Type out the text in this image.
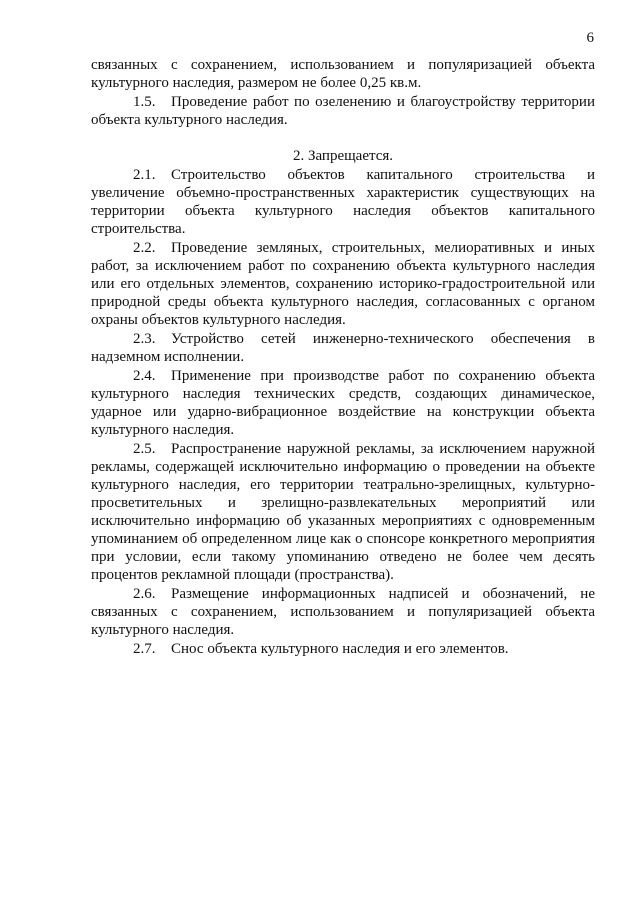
6

связанных с сохранением, использованием и популяризацией объекта культурного наследия, размером не более 0,25 кв.м.

1.5. Проведение работ по озеленению и благоустройству территории объекта культурного наследия.

2. Запрещается.

2.1. Строительство объектов капитального строительства и увеличение объемно-пространственных характеристик существующих на территории объекта культурного наследия объектов капитального строительства.

2.2. Проведение земляных, строительных, мелиоративных и иных работ, за исключением работ по сохранению объекта культурного наследия или его отдельных элементов, сохранению историко-градостроительной или природной среды объекта культурного наследия, согласованных с органом охраны объектов культурного наследия.

2.3. Устройство сетей инженерно-технического обеспечения в надземном исполнении.

2.4. Применение при производстве работ по сохранению объекта культурного наследия технических средств, создающих динамическое, ударное или ударно-вибрационное воздействие на конструкции объекта культурного наследия.

2.5. Распространение наружной рекламы, за исключением наружной рекламы, содержащей исключительно информацию о проведении на объекте культурного наследия, его территории театрально-зрелищных, культурно-просветительных и зрелищно-развлекательных мероприятий или исключительно информацию об указанных мероприятиях с одновременным упоминанием об определенном лице как о спонсоре конкретного мероприятия при условии, если такому упоминанию отведено не более чем десять процентов рекламной площади (пространства).

2.6. Размещение информационных надписей и обозначений, не связанных с сохранением, использованием и популяризацией объекта культурного наследия.

2.7. Снос объекта культурного наследия и его элементов.
